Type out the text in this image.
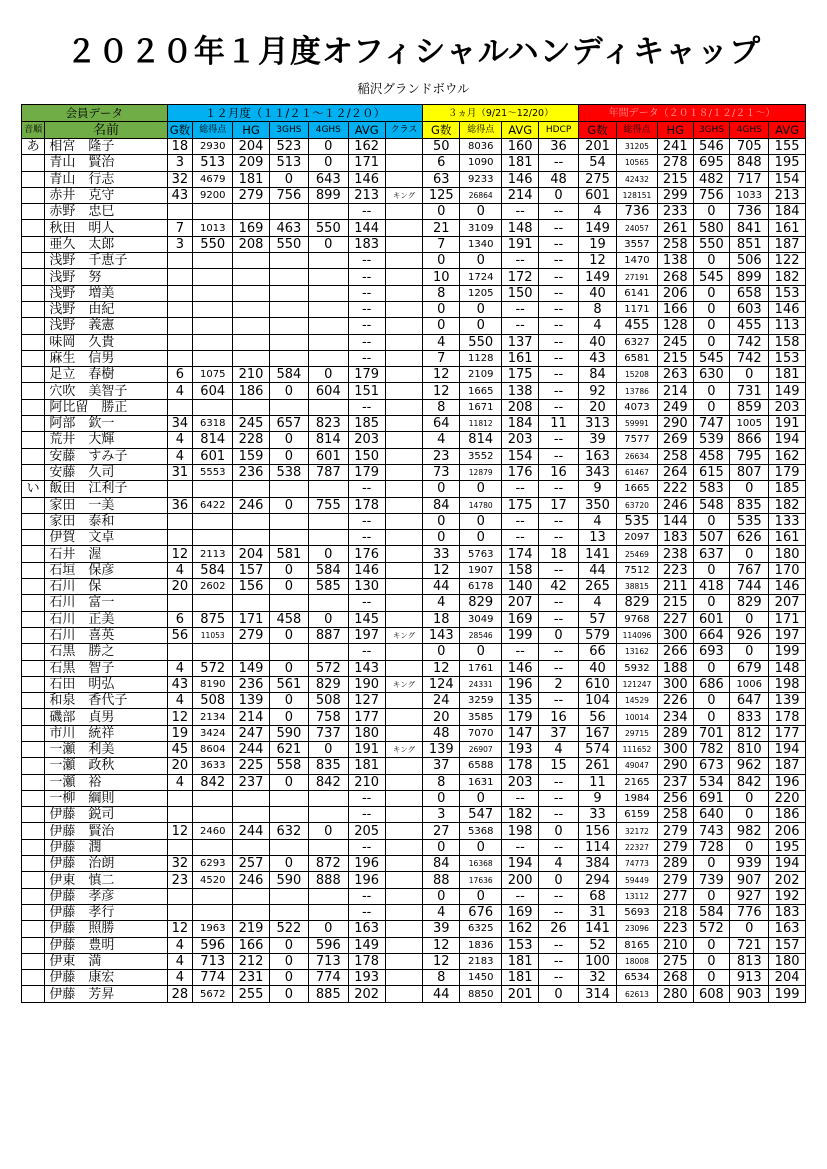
２０２０年１月度オフィシャルハンディキャップ
稲沢グランドボウル
会員データ		１２月度（１１/２１～１２/２０）							３ヵ月（9/21～12/20）				年間データ（２０１８/１２/２１～）					
音順	名前	G数	総得点	HG	3GHS	4GHS	AVG	クラス	G数	総得点	AVG	HDCP	G数	総得点	HG	3GHS	4GHS	AVG
あ	相宮　隆子	18	2930	204	523	0	162		50	8036	160	36	201	31205	241	546	705	155
	青山　賢治	3	513	209	513	0	171		6	1090	181	--	54	10565	278	695	848	195
	青山　行志	32	4679	181	0	643	146		63	9233	146	48	275	42432	215	482	717	154
	赤井　克守	43	9200	279	756	899	213	キング	125	26864	214	0	601	128151	299	756	1033	213
	赤野　忠巳						--		0	0	--	--	4	736	233	0	736	184
	秋田　明人	7	1013	169	463	550	144		21	3109	148	--	149	24057	261	580	841	161
	亜久　太郎	3	550	208	550	0	183		7	1340	191	--	19	3557	258	550	851	187
	浅野　千恵子						--		0	0	--	--	12	1470	138	0	506	122
	浅野　努						--		10	1724	172	--	149	27191	268	545	899	182
	浅野　増美						--		8	1205	150	--	40	6141	206	0	658	153
	浅野　由紀						--		0	0	--	--	8	1171	166	0	603	146
	浅野　義憲						--		0	0	--	--	4	455	128	0	455	113
	味岡　久貴						--		4	550	137	--	40	6327	245	0	742	158
	麻生　信男						--		7	1128	161	--	43	6581	215	545	742	153
	足立　春樹	6	1075	210	584	0	179		12	2109	175	--	84	15208	263	630	0	181
	穴吹　美智子	4	604	186	0	604	151		12	1665	138	--	92	13786	214	0	731	149
	阿比留　勝正						--		8	1671	208	--	20	4073	249	0	859	203
	阿部　欽一	34	6318	245	657	823	185		64	11812	184	11	313	59991	290	747	1005	191
	荒井　大輝	4	814	228	0	814	203		4	814	203	--	39	7577	269	539	866	194
	安藤　すみ子	4	601	159	0	601	150		23	3552	154	--	163	26634	258	458	795	162
	安藤　久司	31	5553	236	538	787	179		73	12879	176	16	343	61467	264	615	807	179
い	飯田　江利子						--		0	0	--	--	9	1665	222	583	0	185
	家田　一美	36	6422	246	0	755	178		84	14780	175	17	350	63720	246	548	835	182
	家田　泰和						--		0	0	--	--	4	535	144	0	535	133
	伊賀　文卓						--		0	0	--	--	13	2097	183	507	626	161
	石井　渥	12	2113	204	581	0	176		33	5763	174	18	141	25469	238	637	0	180
	石垣　保彦	4	584	157	0	584	146		12	1907	158	--	44	7512	223	0	767	170
	石川　保	20	2602	156	0	585	130		44	6178	140	42	265	38815	211	418	744	146
	石川　富一						--		4	829	207	--	4	829	215	0	829	207
	石川　正美	6	875	171	458	0	145		18	3049	169	--	57	9768	227	601	0	171
	石川　喜英	56	11053	279	0	887	197	キング	143	28546	199	0	579	114096	300	664	926	197
	石黒　勝之						--		0	0	--	--	66	13162	266	693	0	199
	石黒　智子	4	572	149	0	572	143		12	1761	146	--	40	5932	188	0	679	148
	石田　明弘	43	8190	236	561	829	190	キング	124	24331	196	2	610	121247	300	686	1006	198
	和泉　香代子	4	508	139	0	508	127		24	3259	135	--	104	14529	226	0	647	139
	磯部　貞男	12	2134	214	0	758	177		20	3585	179	16	56	10014	234	0	833	178
	市川　統祥	19	3424	247	590	737	180		48	7070	147	37	167	29715	289	701	812	177
	一瀬　利美	45	8604	244	621	0	191	キング	139	26907	193	4	574	111652	300	782	810	194
	一瀬　政秋	20	3633	225	558	835	181		37	6588	178	15	261	49047	290	673	962	187
	一瀬　裕	4	842	237	0	842	210		8	1631	203	--	11	2165	237	534	842	196
	一柳　綱則						--		0	0	--	--	9	1984	256	691	0	220
	伊藤　鋭司						--		3	547	182	--	33	6159	258	640	0	186
	伊藤　賢治	12	2460	244	632	0	205		27	5368	198	0	156	32172	279	743	982	206
	伊藤　潤						--		0	0	--	--	114	22327	279	728	0	195
	伊藤　治朗	32	6293	257	0	872	196		84	16368	194	4	384	74773	289	0	939	194
	伊東　慎二	23	4520	246	590	888	196		88	17636	200	0	294	59449	279	739	907	202
	伊藤　孝彦						--		0	0	--	--	68	13112	277	0	927	192
	伊藤　孝行						--		4	676	169	--	31	5693	218	584	776	183
	伊藤　照勝	12	1963	219	522	0	163		39	6325	162	26	141	23096	223	572	0	163
	伊藤　豊明	4	596	166	0	596	149		12	1836	153	--	52	8165	210	0	721	157
	伊東　満	4	713	212	0	713	178		12	2183	181	--	100	18008	275	0	813	180
	伊藤　康宏	4	774	231	0	774	193		8	1450	181	--	32	6534	268	0	913	204
	伊藤　芳昇	28	5672	255	0	885	202		44	8850	201	0	314	62613	280	608	903	199
